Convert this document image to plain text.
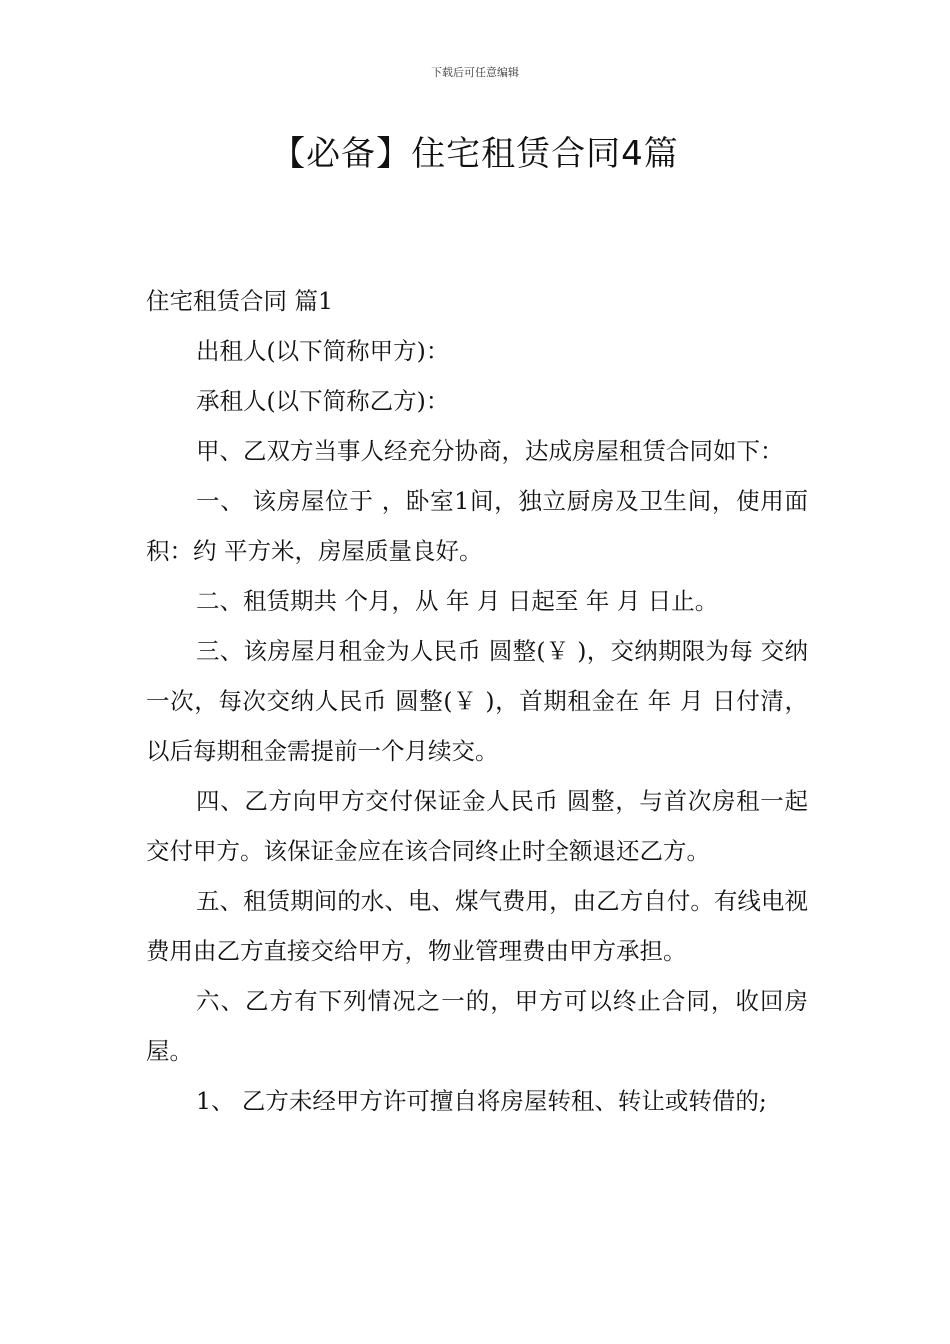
下载后可任意编辑
【必备】住宅租赁合同4篇

住宅租赁合同 篇1

出租人(以下简称甲方)：

承租人(以下简称乙方)：

甲、乙双方当事人经充分协商，达成房屋租赁合同如下：

一、 该房屋位于 ，卧室1间，独立厨房及卫生间，使用面积：约 平方米，房屋质量良好。

二、租赁期共 个月，从 年 月 日起至 年 月 日止。

三、该房屋月租金为人民币 圆整(￥ )，交纳期限为每 交纳一次，每次交纳人民币 圆整(￥ )，首期租金在 年 月 日付清，以后每期租金需提前一个月续交。

四、乙方向甲方交付保证金人民币 圆整，与首次房租一起交付甲方。该保证金应在该合同终止时全额退还乙方。

五、租赁期间的水、电、煤气费用，由乙方自付。有线电视费用由乙方直接交给甲方，物业管理费由甲方承担。

六、乙方有下列情况之一的，甲方可以终止合同，收回房屋。

1、 乙方未经甲方许可擅自将房屋转租、转让或转借的;
